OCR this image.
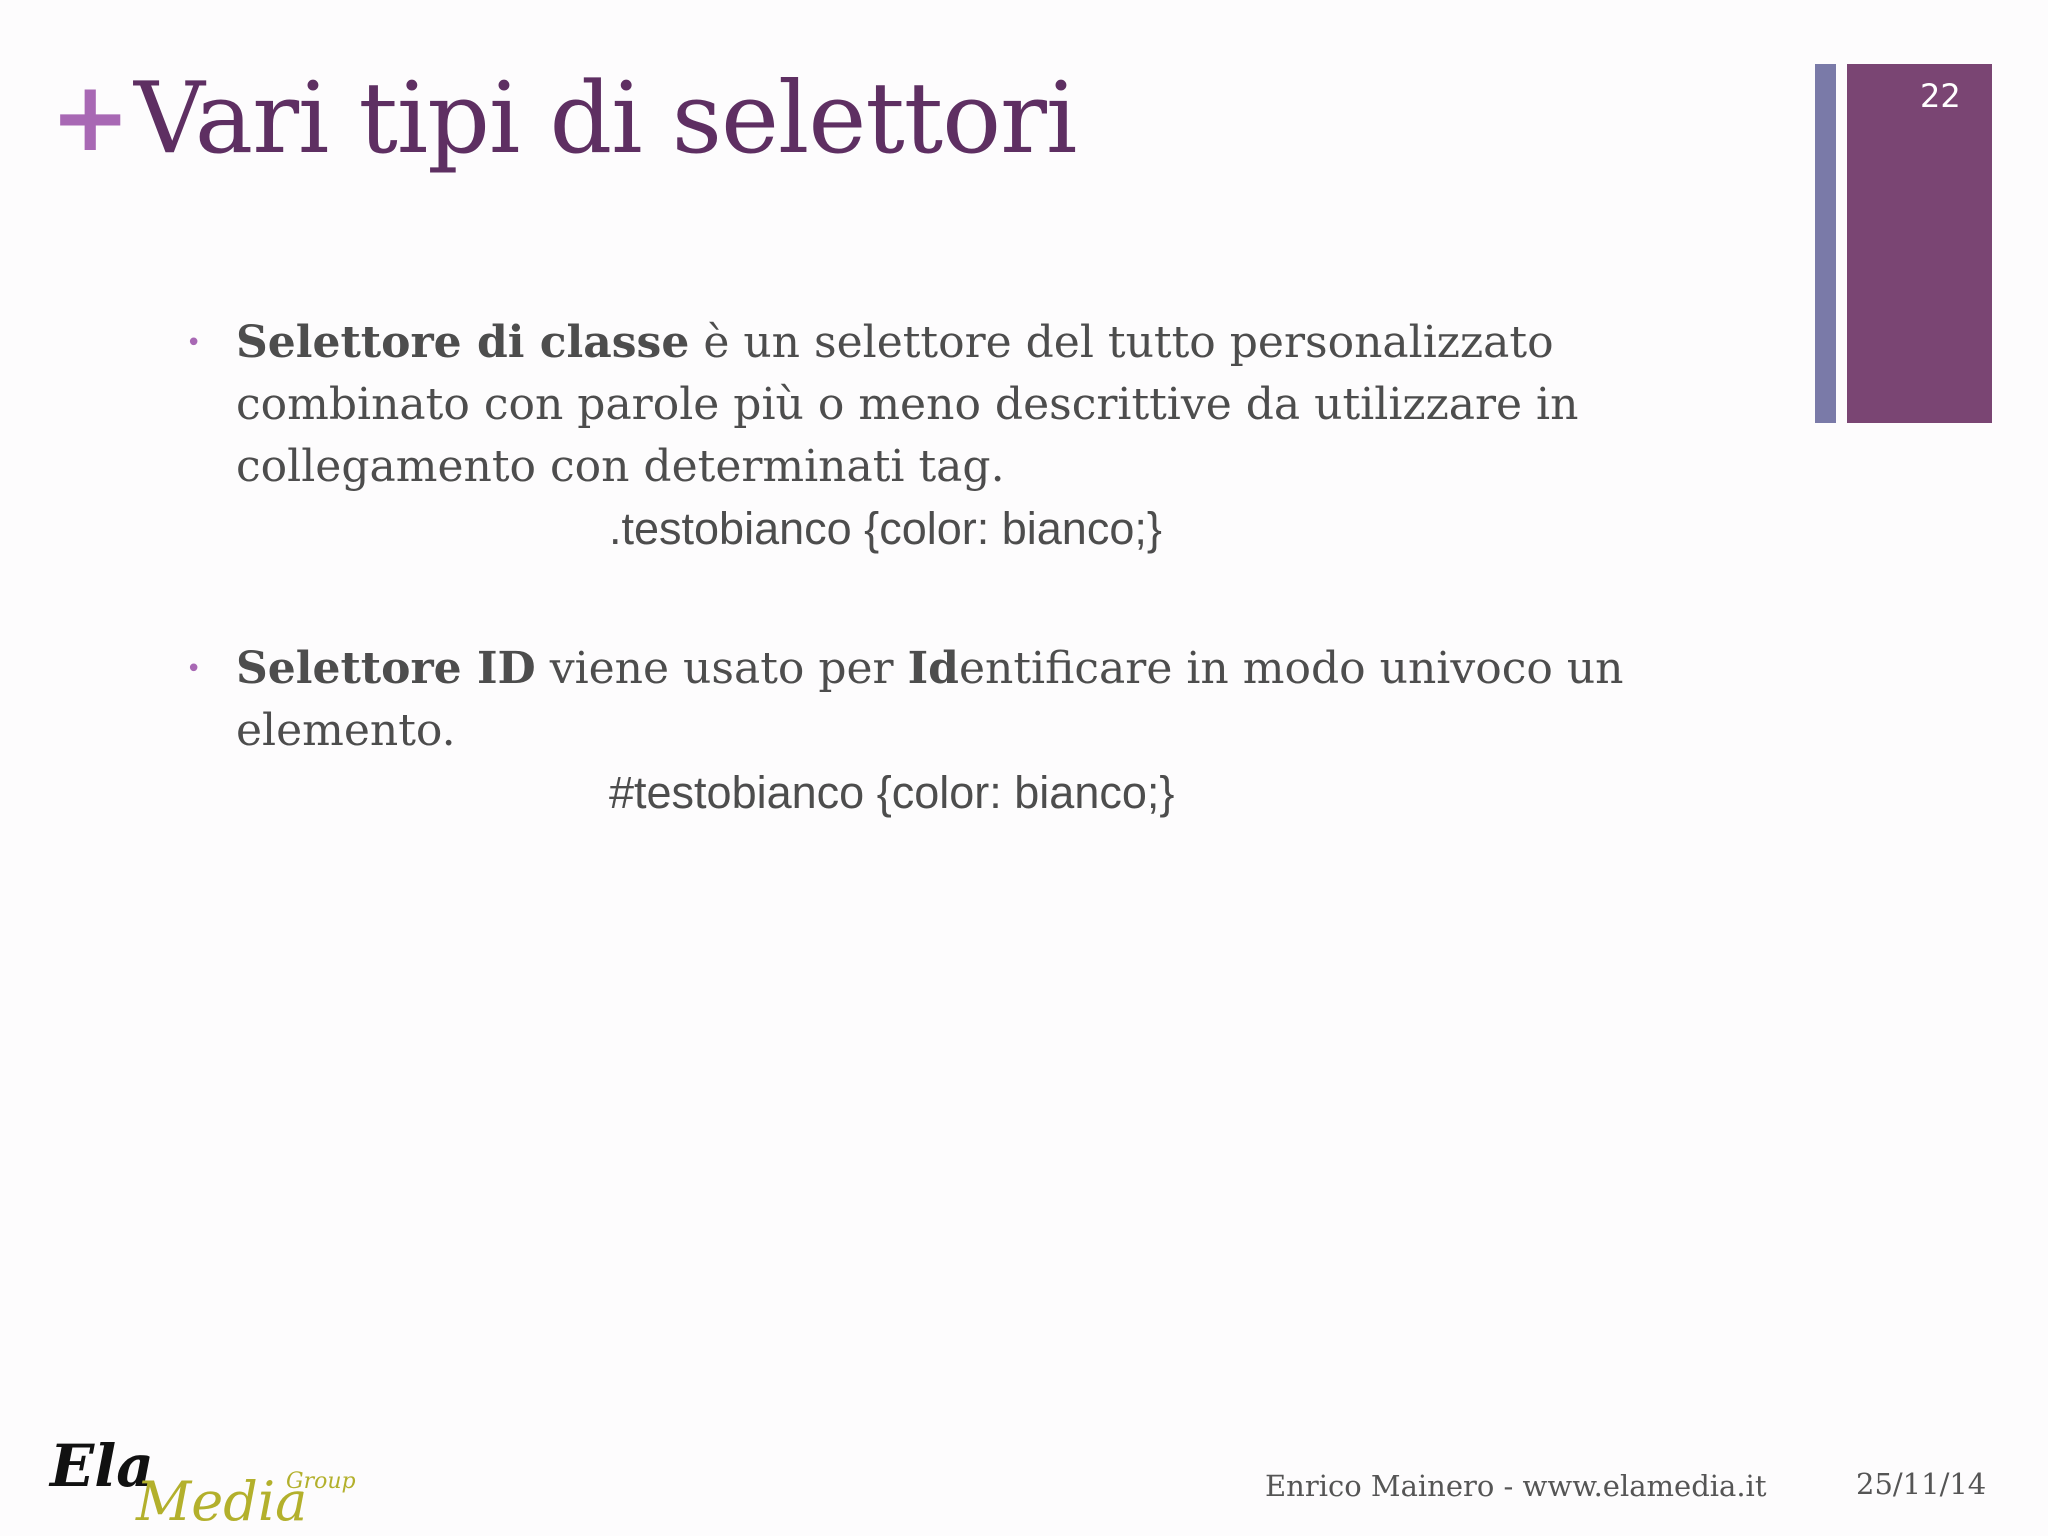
+ Vari tipi di selettori	22
• Selettore di classe è un selettore del tutto personalizzato combinato con parole più o meno descrittive da utilizzare in collegamento con determinati tag.
.testobianco {color: bianco;}
• Selettore ID viene usato per Identificare in modo univoco un elemento.
#testobianco {color: bianco;}
Ela
Media
Group	Enrico Mainero - www.elamedia.it	25/11/14
